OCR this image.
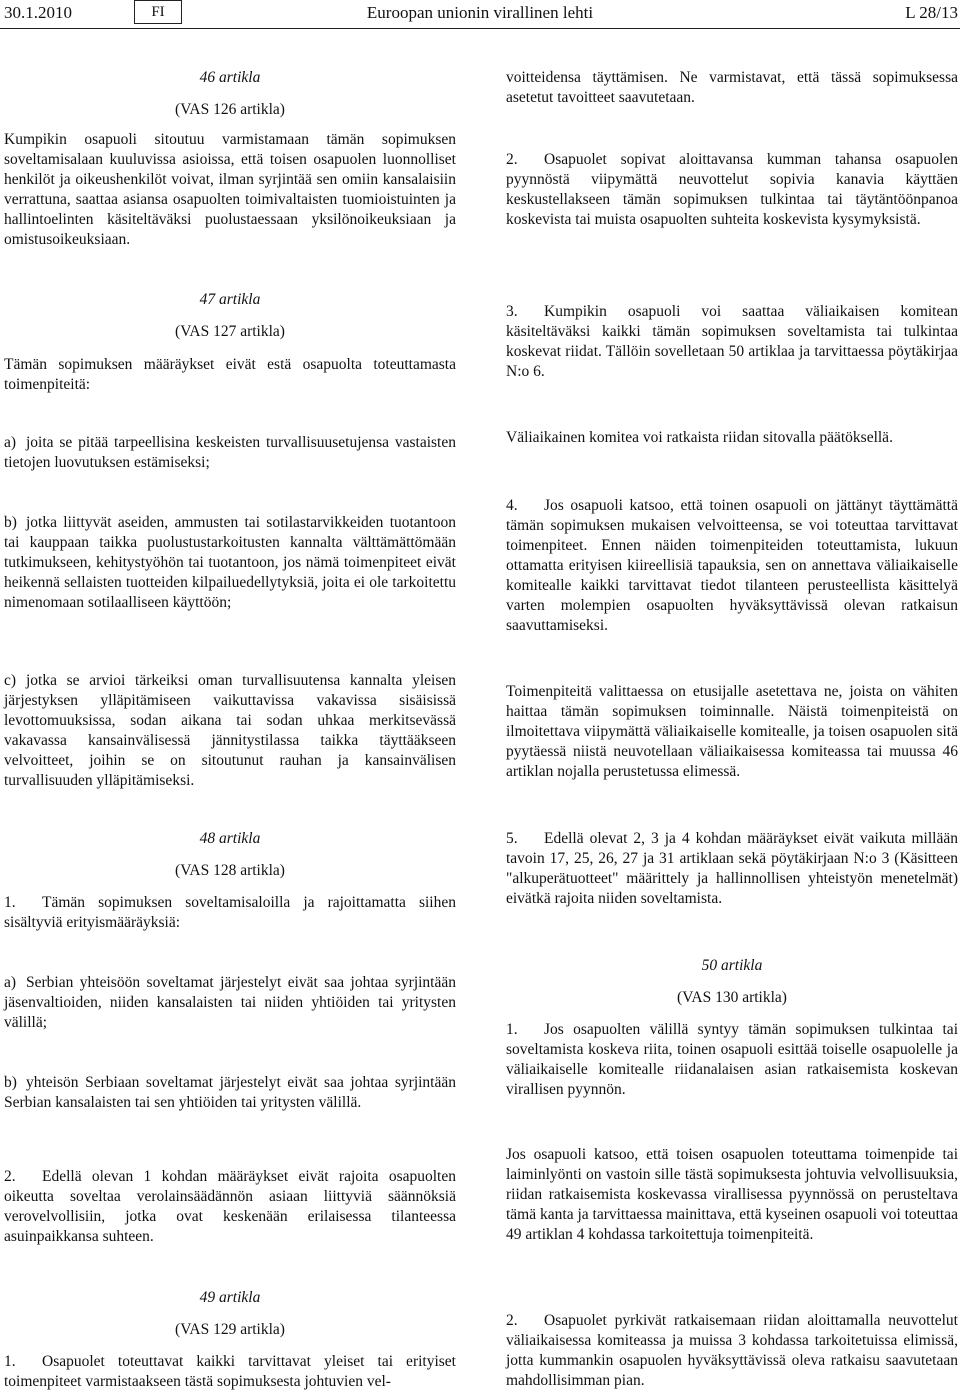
30.1.2010	FI	Euroopan unionin virallinen lehti	L 28/13
46 artikla
(VAS 126 artikla)
Kumpikin osapuoli sitoutuu varmistamaan tämän sopimuksen soveltamisalaan kuuluvissa asioissa, että toisen osapuolen luonnolliset henkilöt ja oikeushenkilöt voivat, ilman syrjintää sen omiin kansalaisiin verrattuna, saattaa asiansa osapuolten toimivaltaisten tuomioistuinten ja hallintoelinten käsiteltäväksi puolustaessaan yksilönoikeuksiaan ja omistusoikeuksiaan.
47 artikla
(VAS 127 artikla)
Tämän sopimuksen määräykset eivät estä osapuolta toteuttamasta toimenpiteitä:
a) joita se pitää tarpeellisina keskeisten turvallisuusetujensa vastaisten tietojen luovutuksen estämiseksi;
b) jotka liittyvät aseiden, ammusten tai sotilastarvikkeiden tuotantoon tai kauppaan taikka puolustustarkoitusten kannalta välttämättömään tutkimukseen, kehitystyöhön tai tuotantoon, jos nämä toimenpiteet eivät heikennä sellaisten tuotteiden kilpailuedellytyksiä, joita ei ole tarkoitettu nimenomaan sotilaalliseen käyttöön;
c) jotka se arvioi tärkeiksi oman turvallisuutensa kannalta yleisen järjestyksen ylläpitämiseen vaikuttavissa vakavissa sisäisissä levottomuuksissa, sodan aikana tai sodan uhkaa merkitsevässä vakavassa kansainvälisessä jännitystilassa taikka täyttääkseen velvoitteet, joihin se on sitoutunut rauhan ja kansainvälisen turvallisuuden ylläpitämiseksi.
48 artikla
(VAS 128 artikla)
1. Tämän sopimuksen soveltamisaloilla ja rajoittamatta siihen sisältyviä erityismääräyksiä:
a) Serbian yhteisöön soveltamat järjestelyt eivät saa johtaa syrjintään jäsenvaltioiden, niiden kansalaisten tai niiden yhtiöiden tai yritysten välillä;
b) yhteisön Serbiaan soveltamat järjestelyt eivät saa johtaa syrjintään Serbian kansalaisten tai sen yhtiöiden tai yritysten välillä.
2. Edellä olevan 1 kohdan määräykset eivät rajoita osapuolten oikeutta soveltaa verolainsäädännön asiaan liittyviä säännöksiä verovelvollisiin, jotka ovat keskenään erilaisessa tilanteessa asuinpaikkansa suhteen.
49 artikla
(VAS 129 artikla)
1. Osapuolet toteuttavat kaikki tarvittavat yleiset tai erityiset toimenpiteet varmistaakseen tästä sopimuksesta johtuvien vel-
voitteidensa täyttämisen. Ne varmistavat, että tässä sopimuksessa asetetut tavoitteet saavutetaan.
2. Osapuolet sopivat aloittavansa kumman tahansa osapuolen pyynnöstä viipymättä neuvottelut sopivia kanavia käyttäen keskustellakseen tämän sopimuksen tulkintaa tai täytäntöönpanoa koskevista tai muista osapuolten suhteita koskevista kysymyksistä.
3. Kumpikin osapuoli voi saattaa väliaikaisen komitean käsiteltäväksi kaikki tämän sopimuksen soveltamista tai tulkintaa koskevat riidat. Tällöin sovelletaan 50 artiklaa ja tarvittaessa pöytäkirjaa N:o 6.
Väliaikainen komitea voi ratkaista riidan sitovalla päätöksellä.
4. Jos osapuoli katsoo, että toinen osapuoli on jättänyt täyttämättä tämän sopimuksen mukaisen velvoitteensa, se voi toteuttaa tarvittavat toimenpiteet. Ennen näiden toimenpiteiden toteuttamista, lukuun ottamatta erityisen kiireellisiä tapauksia, sen on annettava väliaikaiselle komitealle kaikki tarvittavat tiedot tilanteen perusteellista käsittelyä varten molempien osapuolten hyväksyttävissä olevan ratkaisun saavuttamiseksi.
Toimenpiteitä valittaessa on etusijalle asetettava ne, joista on vähiten haittaa tämän sopimuksen toiminnalle. Näistä toimenpiteistä on ilmoitettava viipymättä väliaikaiselle komitealle, ja toisen osapuolen sitä pyytäessä niistä neuvotellaan väliaikaisessa komiteassa tai muussa 46 artiklan nojalla perustetussa elimessä.
5. Edellä olevat 2, 3 ja 4 kohdan määräykset eivät vaikuta millään tavoin 17, 25, 26, 27 ja 31 artiklaan sekä pöytäkirjaan N:o 3 (Käsitteen "alkuperätuotteet" määrittely ja hallinnollisen yhteistyön menetelmät) eivätkä rajoita niiden soveltamista.
50 artikla
(VAS 130 artikla)
1. Jos osapuolten välillä syntyy tämän sopimuksen tulkintaa tai soveltamista koskeva riita, toinen osapuoli esittää toiselle osapuolelle ja väliaikaiselle komitealle riidanalaisen asian ratkaisemista koskevan virallisen pyynnön.
Jos osapuoli katsoo, että toisen osapuolen toteuttama toimenpide tai laiminlyönti on vastoin sille tästä sopimuksesta johtuvia velvollisuuksia, riidan ratkaisemista koskevassa virallisessa pyynnössä on perusteltava tämä kanta ja tarvittaessa mainittava, että kyseinen osapuoli voi toteuttaa 49 artiklan 4 kohdassa tarkoitettuja toimenpiteitä.
2. Osapuolet pyrkivät ratkaisemaan riidan aloittamalla neuvottelut väliaikaisessa komiteassa ja muissa 3 kohdassa tarkoitetuissa elimissä, jotta kummankin osapuolen hyväksyttävissä oleva ratkaisu saavutetaan mahdollisimman pian.
